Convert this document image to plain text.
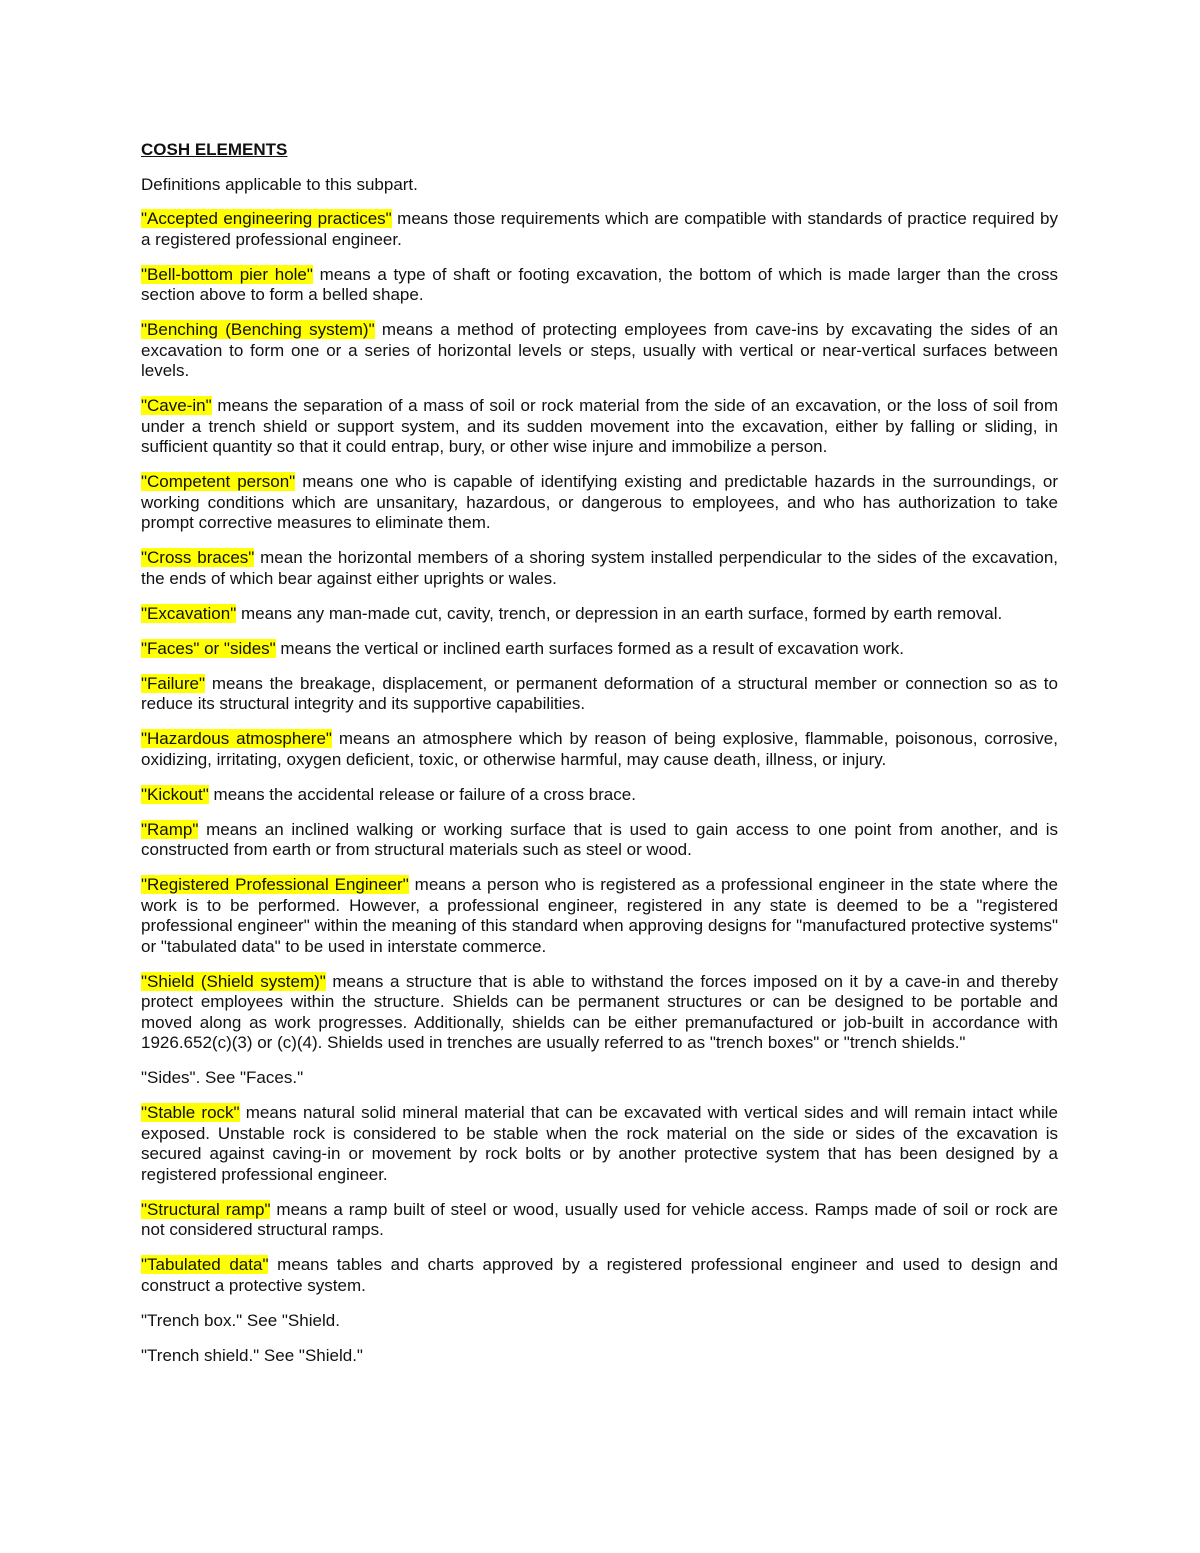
COSH ELEMENTS
Definitions applicable to this subpart.
"Accepted engineering practices" means those requirements which are compatible with standards of practice required by a registered professional engineer.
"Bell-bottom pier hole" means a type of shaft or footing excavation, the bottom of which is made larger than the cross section above to form a belled shape.
"Benching (Benching system)" means a method of protecting employees from cave-ins by excavating the sides of an excavation to form one or a series of horizontal levels or steps, usually with vertical or near-vertical surfaces between levels.
"Cave-in" means the separation of a mass of soil or rock material from the side of an excavation, or the loss of soil from under a trench shield or support system, and its sudden movement into the excavation, either by falling or sliding, in sufficient quantity so that it could entrap, bury, or other wise injure and immobilize a person.
"Competent person" means one who is capable of identifying existing and predictable hazards in the surroundings, or working conditions which are unsanitary, hazardous, or dangerous to employees, and who has authorization to take prompt corrective measures to eliminate them.
"Cross braces" mean the horizontal members of a shoring system installed perpendicular to the sides of the excavation, the ends of which bear against either uprights or wales.
"Excavation" means any man-made cut, cavity, trench, or depression in an earth surface, formed by earth removal.
"Faces" or "sides" means the vertical or inclined earth surfaces formed as a result of excavation work.
"Failure" means the breakage, displacement, or permanent deformation of a structural member or connection so as to reduce its structural integrity and its supportive capabilities.
"Hazardous atmosphere" means an atmosphere which by reason of being explosive, flammable, poisonous, corrosive, oxidizing, irritating, oxygen deficient, toxic, or otherwise harmful, may cause death, illness, or injury.
"Kickout" means the accidental release or failure of a cross brace.
"Ramp" means an inclined walking or working surface that is used to gain access to one point from another, and is constructed from earth or from structural materials such as steel or wood.
"Registered Professional Engineer" means a person who is registered as a professional engineer in the state where the work is to be performed. However, a professional engineer, registered in any state is deemed to be a "registered professional engineer" within the meaning of this standard when approving designs for "manufactured protective systems" or "tabulated data" to be used in interstate commerce.
"Shield (Shield system)" means a structure that is able to withstand the forces imposed on it by a cave-in and thereby protect employees within the structure. Shields can be permanent structures or can be designed to be portable and moved along as work progresses. Additionally, shields can be either premanufactured or job-built in accordance with 1926.652(c)(3) or (c)(4). Shields used in trenches are usually referred to as "trench boxes" or "trench shields."
"Sides". See "Faces."
"Stable rock" means natural solid mineral material that can be excavated with vertical sides and will remain intact while exposed. Unstable rock is considered to be stable when the rock material on the side or sides of the excavation is secured against caving-in or movement by rock bolts or by another protective system that has been designed by a registered professional engineer.
"Structural ramp" means a ramp built of steel or wood, usually used for vehicle access. Ramps made of soil or rock are not considered structural ramps.
"Tabulated data" means tables and charts approved by a registered professional engineer and used to design and construct a protective system.
"Trench box." See "Shield.
"Trench shield." See "Shield."
